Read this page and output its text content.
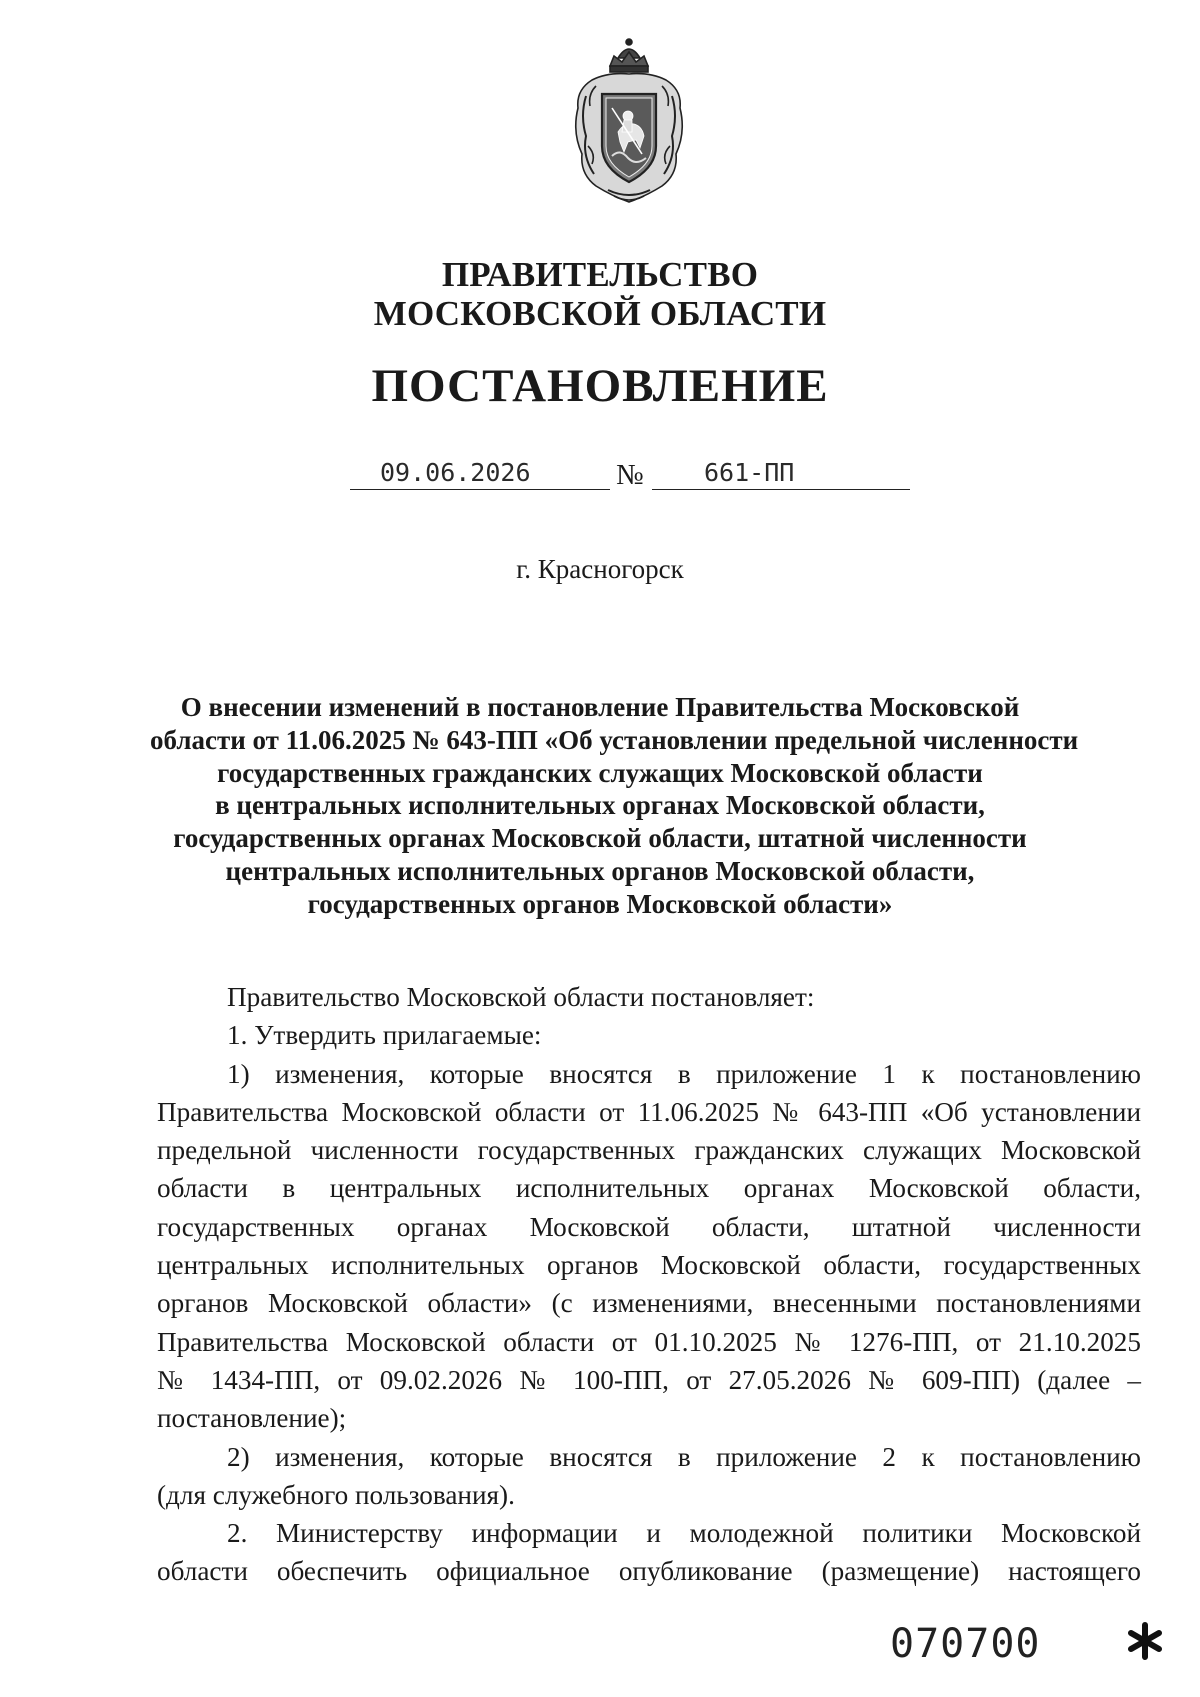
ПРАВИТЕЛЬСТВО
МОСКОВСКОЙ ОБЛАСТИ
ПОСТАНОВЛЕНИЕ
09.06.2026	№	661-ПП
г. Красногорск
О внесении изменений в постановление Правительства Московской
области от 11.06.2025 № 643-ПП «Об установлении предельной численности
государственных гражданских служащих Московской области
в центральных исполнительных органах Московской области,
государственных органах Московской области, штатной численности
центральных исполнительных органов Московской области,
государственных органов Московской области»
Правительство Московской области постановляет:
1. Утвердить прилагаемые:
1) изменения, которые вносятся в приложение 1 к постановлению
Правительства Московской области от 11.06.2025 № 643-ПП «Об установлении
предельной численности государственных гражданских служащих Московской
области в центральных исполнительных органах Московской области,
государственных органах Московской области, штатной численности
центральных исполнительных органов Московской области, государственных
органов Московской области» (с изменениями, внесенными постановлениями
Правительства Московской области от 01.10.2025 № 1276-ПП, от 21.10.2025
№ 1434-ПП, от 09.02.2026 № 100-ПП, от 27.05.2026 № 609-ПП) (далее –
постановление);
2) изменения, которые вносятся в приложение 2 к постановлению
(для служебного пользования).
2. Министерству информации и молодежной политики Московской
области обеспечить официальное опубликование (размещение) настоящего
070700
